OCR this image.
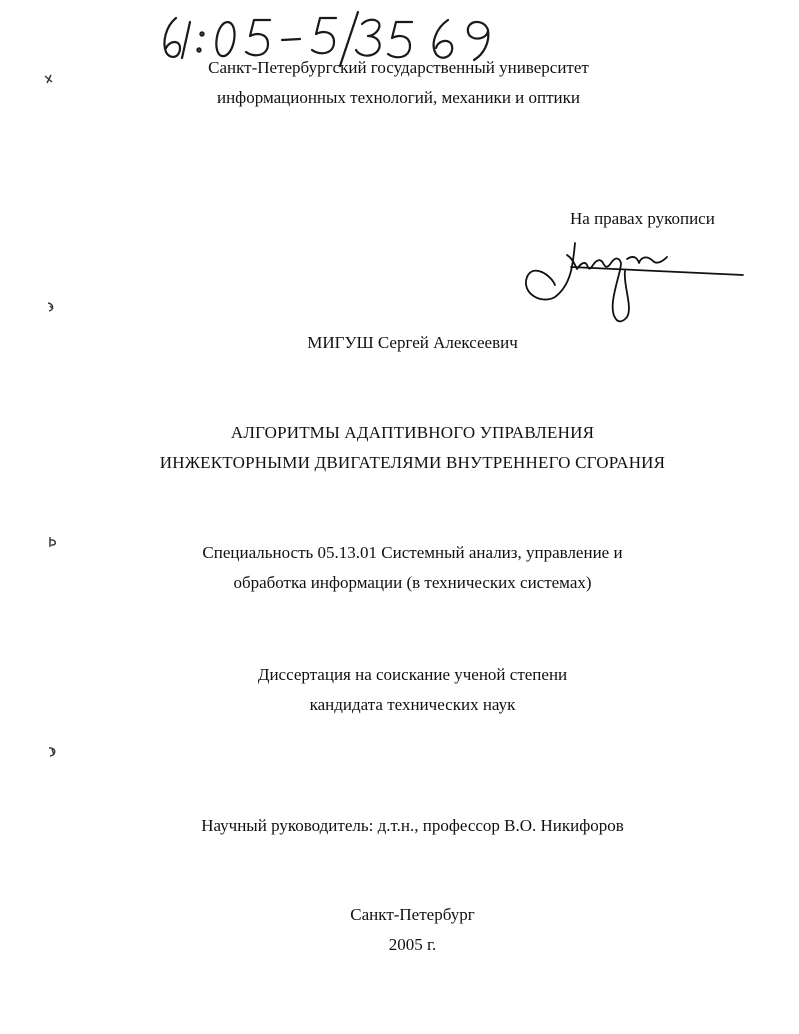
Санкт-Петербургский государственный университет
информационных технологий, механики и оптики
На правах рукописи
МИГУШ Сергей Алексеевич
АЛГОРИТМЫ АДАПТИВНОГО УПРАВЛЕНИЯ
ИНЖЕКТОРНЫМИ ДВИГАТЕЛЯМИ ВНУТРЕННЕГО СГОРАНИЯ
Специальность 05.13.01 Системный анализ, управление и
обработка информации (в технических системах)
Диссертация на соискание ученой степени
кандидата технических наук
Научный руководитель: д.т.н., профессор В.О. Никифоров
Санкт-Петербург
2005 г.
